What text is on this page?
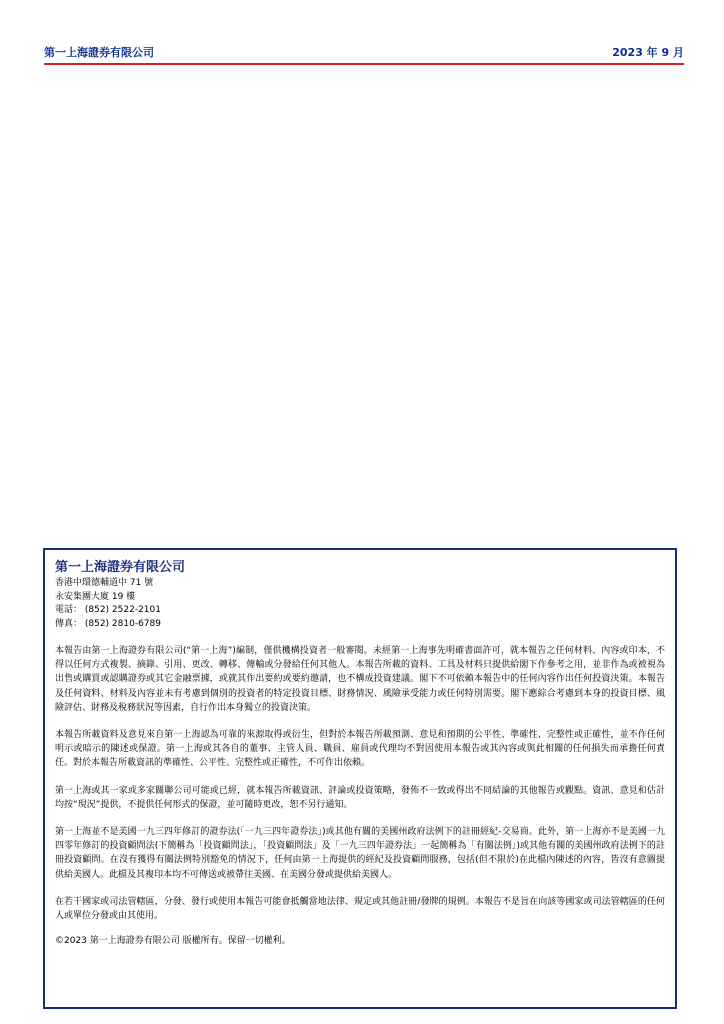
第一上海證券有限公司	2023 年 9 月
第一上海證券有限公司
香港中環德輔道中 71 號
永安集團大廈 19 樓
電話： (852) 2522-2101
傳真： (852) 2810-6789

本報告由第一上海證券有限公司(“第一上海”)編制，僅供機構投資者一般審閱。未經第一上海事先明確書面許可，就本報告之任何材料、內容或印本，不得以任何方式複製、摘錄、引用、更改、轉移、傳輸或分發給任何其他人。本報告所載的資料、工具及材料只提供給閣下作參考之用，並非作為或被視為出售或購買或認購證券或其它金融票據，或就其作出要約或要約邀請，也不構成投資建議。閣下不可依賴本報告中的任何內容作出任何投資決策。本報告及任何資料、材料及內容並未有考慮到個別的投資者的特定投資目標、財務情況、風險承受能力或任何特別需要。閣下應綜合考慮到本身的投資目標、風險評估、財務及稅務狀況等因素，自行作出本身獨立的投資決策。

本報告所載資料及意見來自第一上海認為可靠的來源取得或衍生，但對於本報告所載預測、意見和預期的公平性、準確性、完整性或正確性，並不作任何明示或暗示的陳述或保證。第一上海或其各自的董事、主管人員、職員、雇員或代理均不對因使用本報告或其內容或與此相關的任何損失而承擔任何責任。對於本報告所載資訊的準確性、公平性、完整性或正確性，不可作出依賴。

第一上海或其一家或多家關聯公司可能或已經，就本報告所載資訊、評論或投資策略，發佈不一致或得出不同結論的其他報告或觀點。資訊、意見和估計均按“現況”提供，不提供任何形式的保證，並可隨時更改，恕不另行通知。

第一上海並不是美國一九三四年修訂的證券法(「一九三四年證券法」)或其他有關的美國州政府法例下的註冊經紀-交易商。此外，第一上海亦不是美國一九四零年修訂的投資顧問法(下簡稱為「投資顧問法」，「投資顧問法」及「一九三四年證券法」一起簡稱為「有關法例」)或其他有關的美國州政府法例下的註冊投資顧問。在沒有獲得有關法例特別豁免的情況下，任何由第一上海提供的經紀及投資顧問服務，包括(但不限於)在此檔內陳述的內容，皆沒有意圖提供給美國人。此檔及其複印本均不可傳送或被帶往美國、在美國分發或提供給美國人。

在若干國家或司法管轄區，分發、發行或使用本報告可能會抵觸當地法律、規定或其他註冊/發牌的規例。本報告不是旨在向該等國家或司法管轄區的任何人或單位分發或由其使用。

©2023 第一上海證券有限公司 版權所有。保留一切權利。
